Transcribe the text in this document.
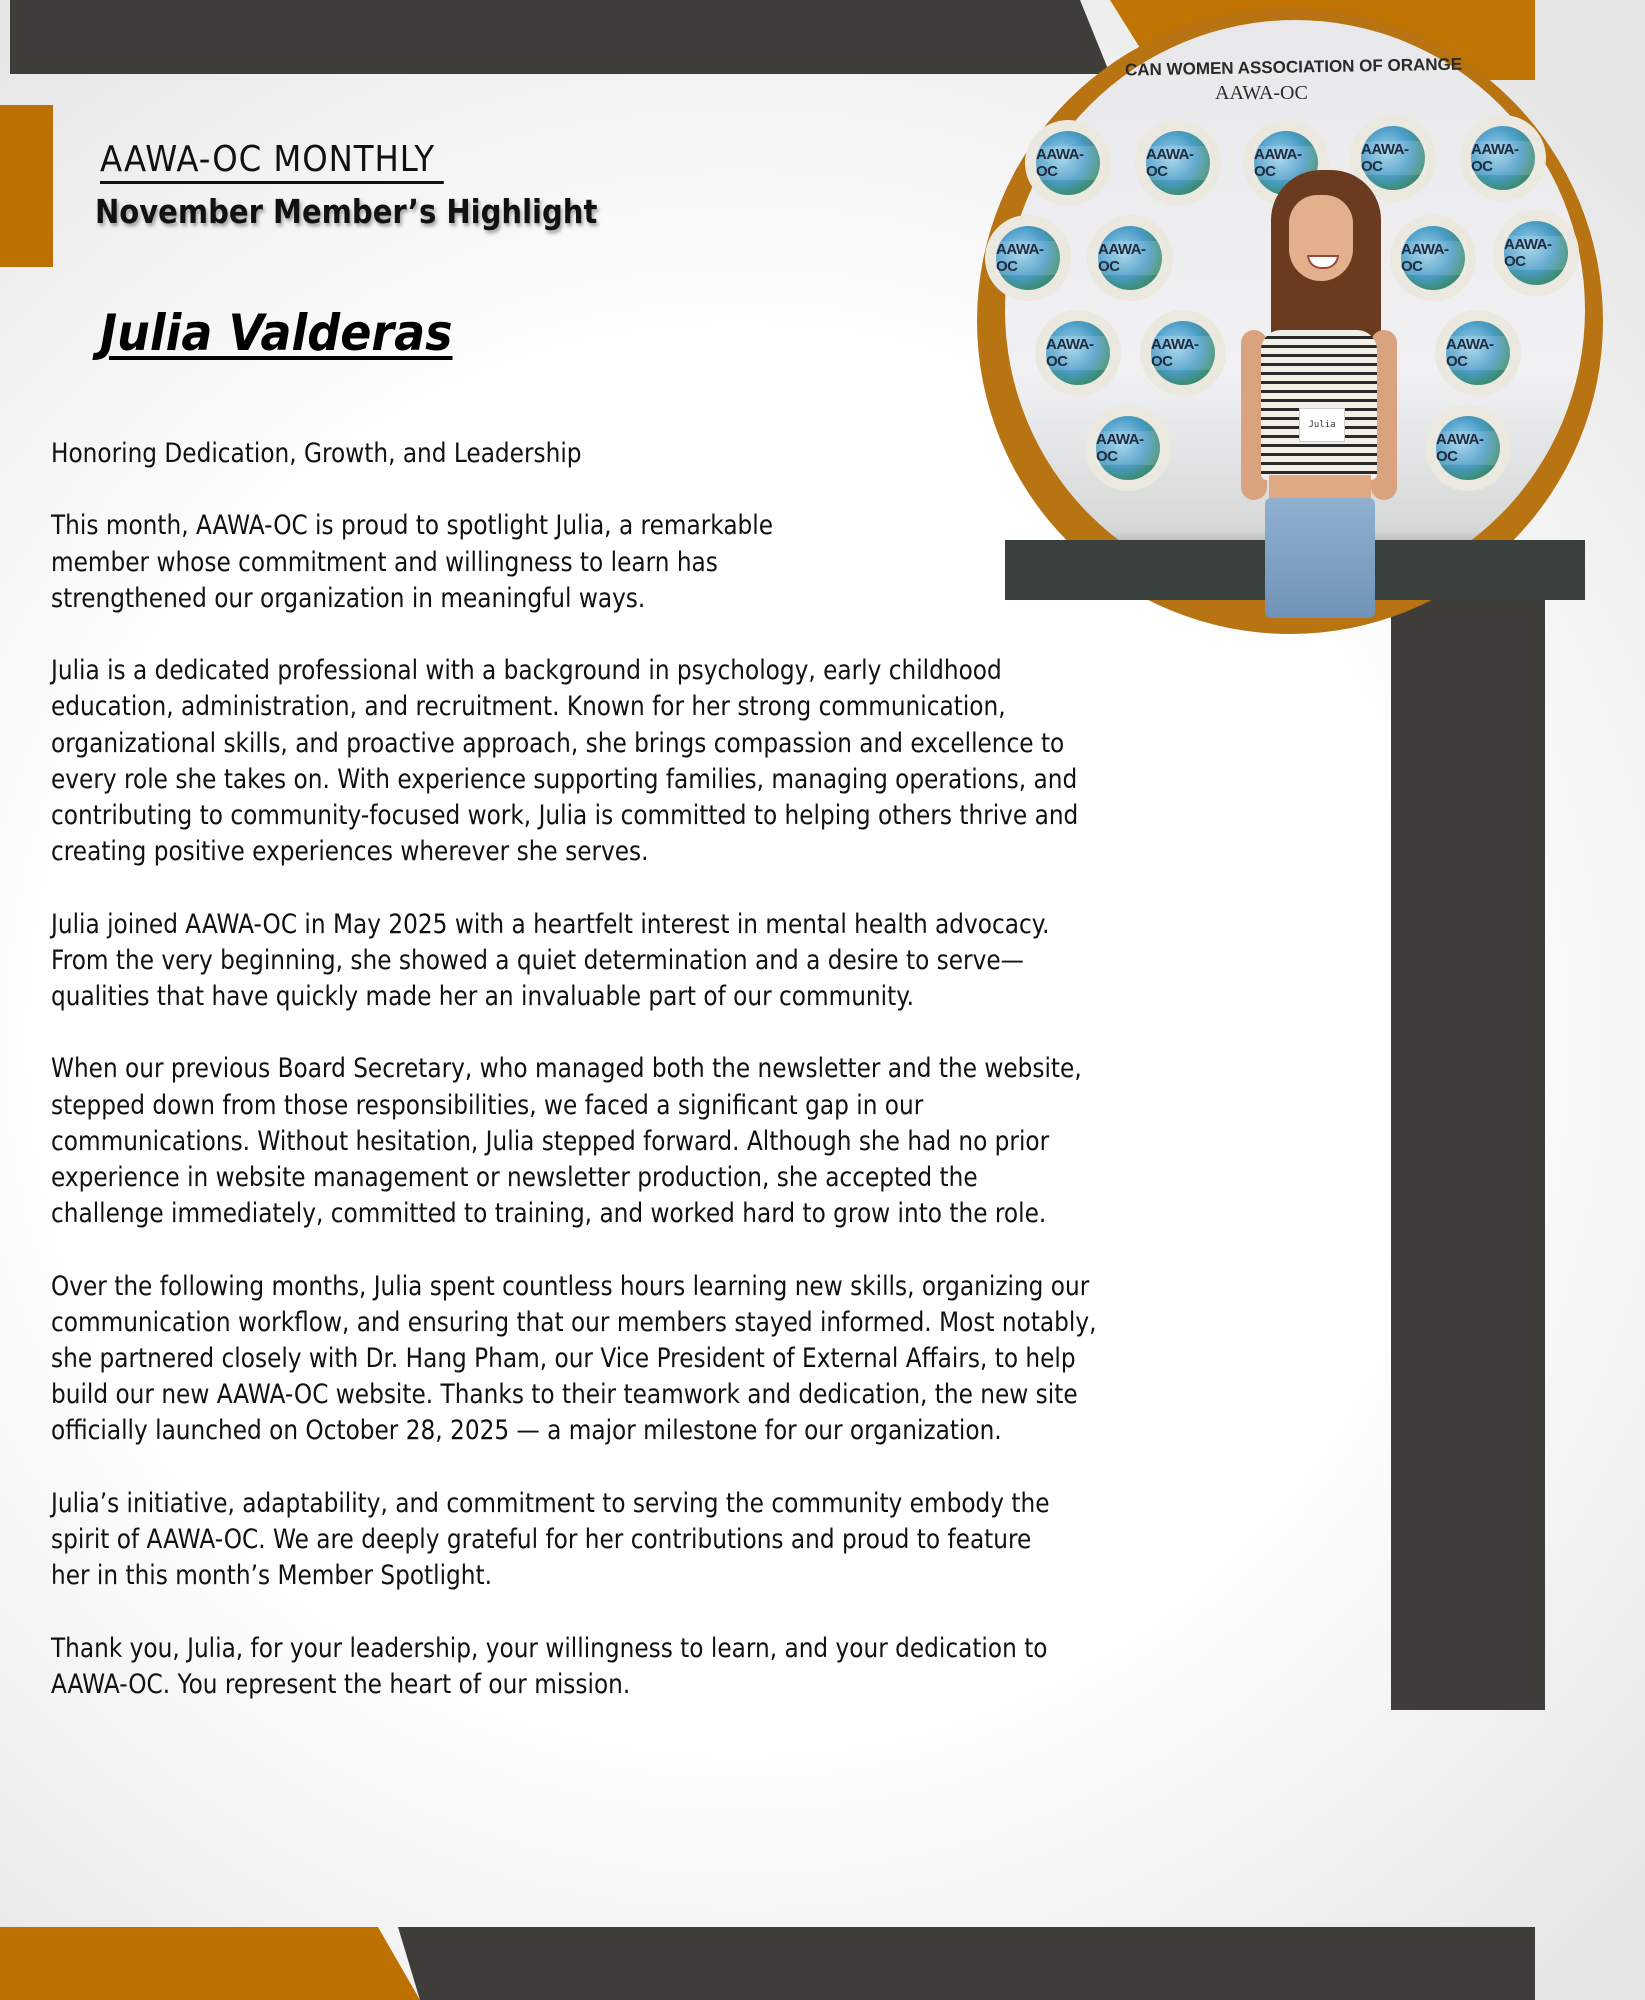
CAN WOMEN ASSOCIATION OF ORANGE
AAWA-OC
AAWA-OC
AAWA-OC
AAWA-OC
AAWA-OC
AAWA-OC
AAWA-OC
AAWA-OC
AAWA-OC
AAWA-OC
AAWA-OC
AAWA-OC
AAWA-OC
AAWA-OC
AAWA-OC
Julia
AAWA-OC MONTHLY
November Member’s Highlight
Julia Valderas

Honoring Dedication, Growth, and Leadership

This month, AAWA-OC is proud to spotlight Julia, a remarkable
member whose commitment and willingness to learn has
strengthened our organization in meaningful ways.

Julia is a dedicated professional with a background in psychology, early childhood
education, administration, and recruitment. Known for her strong communication,
organizational skills, and proactive approach, she brings compassion and excellence to
every role she takes on. With experience supporting families, managing operations, and
contributing to community-focused work, Julia is committed to helping others thrive and
creating positive experiences wherever she serves.

Julia joined AAWA-OC in May 2025 with a heartfelt interest in mental health advocacy.
From the very beginning, she showed a quiet determination and a desire to serve—
qualities that have quickly made her an invaluable part of our community.

When our previous Board Secretary, who managed both the newsletter and the website,
stepped down from those responsibilities, we faced a significant gap in our
communications. Without hesitation, Julia stepped forward. Although she had no prior
experience in website management or newsletter production, she accepted the
challenge immediately, committed to training, and worked hard to grow into the role.

Over the following months, Julia spent countless hours learning new skills, organizing our
communication workflow, and ensuring that our members stayed informed. Most notably,
she partnered closely with Dr. Hang Pham, our Vice President of External Affairs, to help
build our new AAWA-OC website. Thanks to their teamwork and dedication, the new site
officially launched on October 28, 2025 — a major milestone for our organization.

Julia’s initiative, adaptability, and commitment to serving the community embody the
spirit of AAWA-OC. We are deeply grateful for her contributions and proud to feature
her in this month’s Member Spotlight.

Thank you, Julia, for your leadership, your willingness to learn, and your dedication to
AAWA-OC. You represent the heart of our mission.
